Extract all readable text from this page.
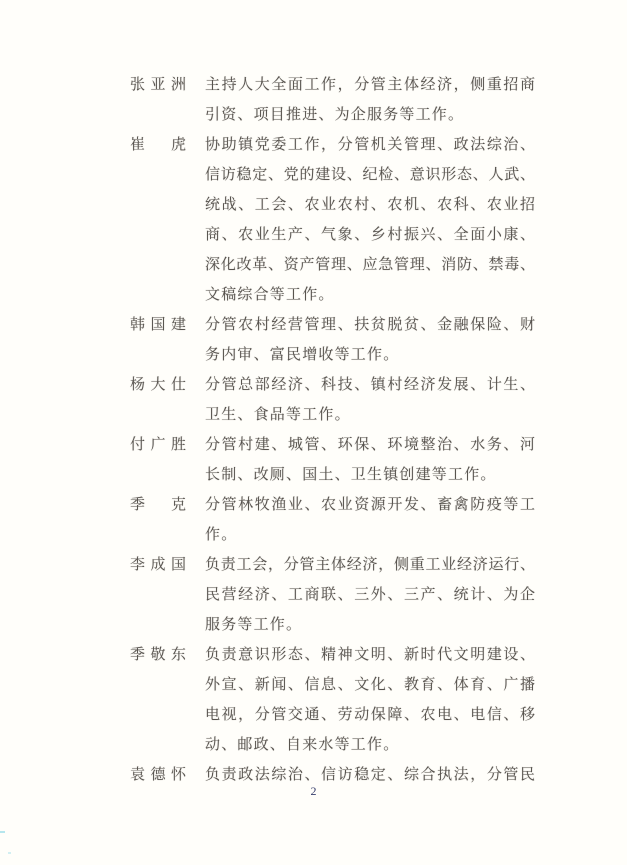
张亚洲 主持人大全面工作，分管主体经济，侧重招商
引资、项目推进、为企服务等工作。
崔　虎 协助镇党委工作，分管机关管理、政法综治、
信访稳定、党的建设、纪检、意识形态、人武、
统战、工会、农业农村、农机、农科、农业招
商、农业生产、气象、乡村振兴、全面小康、
深化改革、资产管理、应急管理、消防、禁毒、
文稿综合等工作。
韩国建 分管农村经营管理、扶贫脱贫、金融保险、财
务内审、富民增收等工作。
杨大仕 分管总部经济、科技、镇村经济发展、计生、
卫生、食品等工作。
付广胜 分管村建、城管、环保、环境整治、水务、河
长制、改厕、国土、卫生镇创建等工作。
季　克 分管林牧渔业、农业资源开发、畜禽防疫等工
作。
李成国 负责工会，分管主体经济，侧重工业经济运行、
民营经济、工商联、三外、三产、统计、为企
服务等工作。
季敬东 负责意识形态、精神文明、新时代文明建设、
外宣、新闻、信息、文化、教育、体育、广播
电视，分管交通、劳动保障、农电、电信、移
动、邮政、自来水等工作。
袁德怀 负责政法综治、信访稳定、综合执法，分管民
2
